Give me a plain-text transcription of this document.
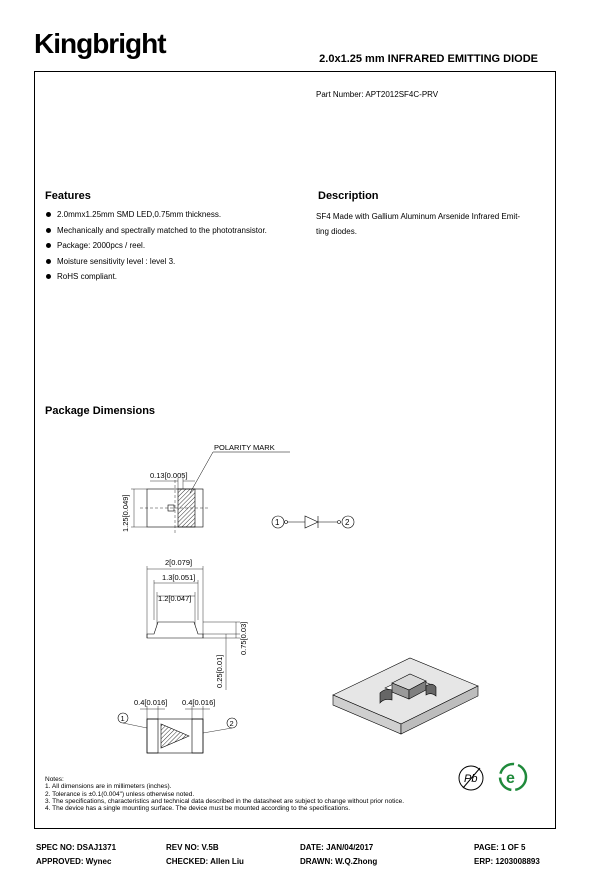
Kingbright	2.0x1.25 mm INFRARED EMITTING DIODE
Part Number: APT2012SF4C-PRV
Features
2.0mmx1.25mm SMD LED,0.75mm thickness.
Mechanically and spectrally matched to the phototransistor.
Package: 2000pcs / reel.
Moisture sensitivity level : level 3.
RoHS compliant.
Description
SF4 Made with Gallium Aluminum Arsenide Infrared Emit-
ting diodes.
Package Dimensions
POLARITY MARK
0.13[0.005]
1.25[0.049]	1	2
2[0.079]
1.3[0.051]
1.2[0.047]
0.75[0.03]
0.25[0.01]
0.4[0.016] 0.4[0.016]
1
2
Pb e
Notes:
1. All dimensions are in millimeters (inches).
2. Tolerance is ±0.1(0.004") unless otherwise noted.
3. The specifications, characteristics and technical data described in the datasheet are subject to change without prior notice.
4. The device has a single mounting surface. The device must be mounted according to the specifications.
SPEC NO: DSAJ1371	REV NO: V.5B	DATE: JAN/04/2017	PAGE: 1 OF 5
APPROVED: Wynec	CHECKED: Allen Liu	DRAWN: W.Q.Zhong	ERP: 1203008893
